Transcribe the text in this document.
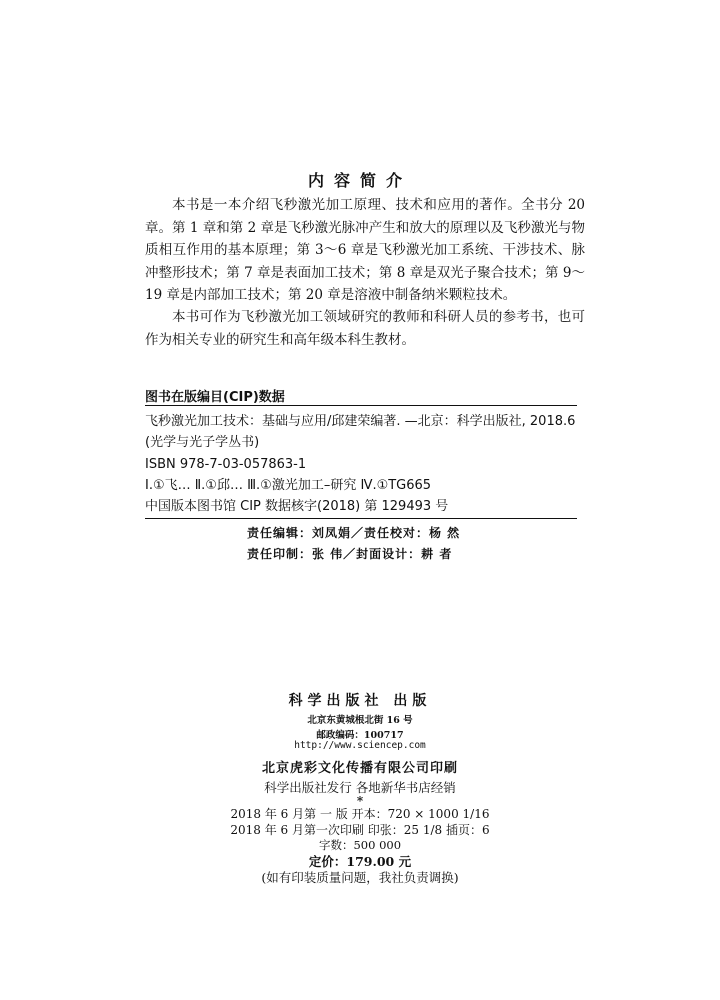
内容简介

本书是一本介绍飞秒激光加工原理、技术和应用的著作。全书分 20 章。第 1 章和第 2 章是飞秒激光脉冲产生和放大的原理以及飞秒激光与物质相互作用的基本原理；第 3～6 章是飞秒激光加工系统、干涉技术、脉冲整形技术；第 7 章是表面加工技术；第 8 章是双光子聚合技术；第 9～19 章是内部加工技术；第 20 章是溶液中制备纳米颗粒技术。

本书可作为飞秒激光加工领域研究的教师和科研人员的参考书，也可作为相关专业的研究生和高年级本科生教材。

图书在版编目(CIP)数据
飞秒激光加工技术：基础与应用/邱建荣编著. —北京：科学出版社, 2018.6
(光学与光子学丛书)
ISBN 978-7-03-057863-1
Ⅰ.①飞… Ⅱ.①邱… Ⅲ.①激光加工–研究 Ⅳ.①TG665
中国版本图书馆 CIP 数据核字(2018) 第 129493 号
责任编辑：刘凤娟／责任校对：杨 然
责任印制：张 伟／封面设计：耕 者
科学出版社 出版
北京东黄城根北街 16 号
邮政编码：100717
http://www.sciencep.com
北京虎彩文化传播有限公司印刷
科学出版社发行 各地新华书店经销
*
2018 年 6 月第 一 版 开本：720 × 1000 1/16
2018 年 6 月第一次印刷 印张：25 1/8 插页：6
字数：500 000
定价：179.00 元
(如有印装质量问题，我社负责调换)
